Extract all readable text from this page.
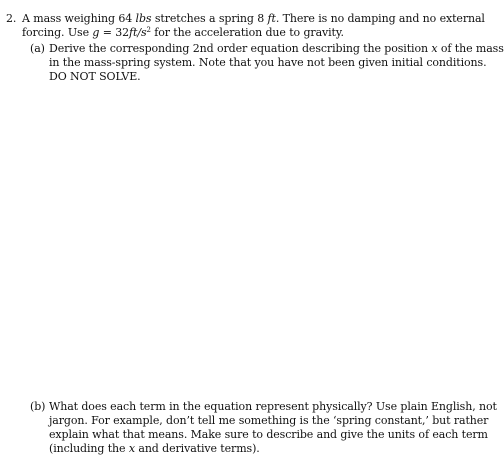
2. A mass weighing 64 lbs stretches a spring 8 ft. There is no damping and no external
forcing. Use $g = 32ft/s^2$ for the acceleration due to gravity.
(a) Derive the corresponding 2nd order equation describing the position x of the mass
in the mass-spring system. Note that you have not been given initial conditions.
DO NOT SOLVE.
(b) What does each term in the equation represent physically? Use plain English, not
jargon. For example, don’t tell me something is the ‘spring constant,’ but rather
explain what that means. Make sure to describe and give the units of each term
(including the x and derivative terms).
